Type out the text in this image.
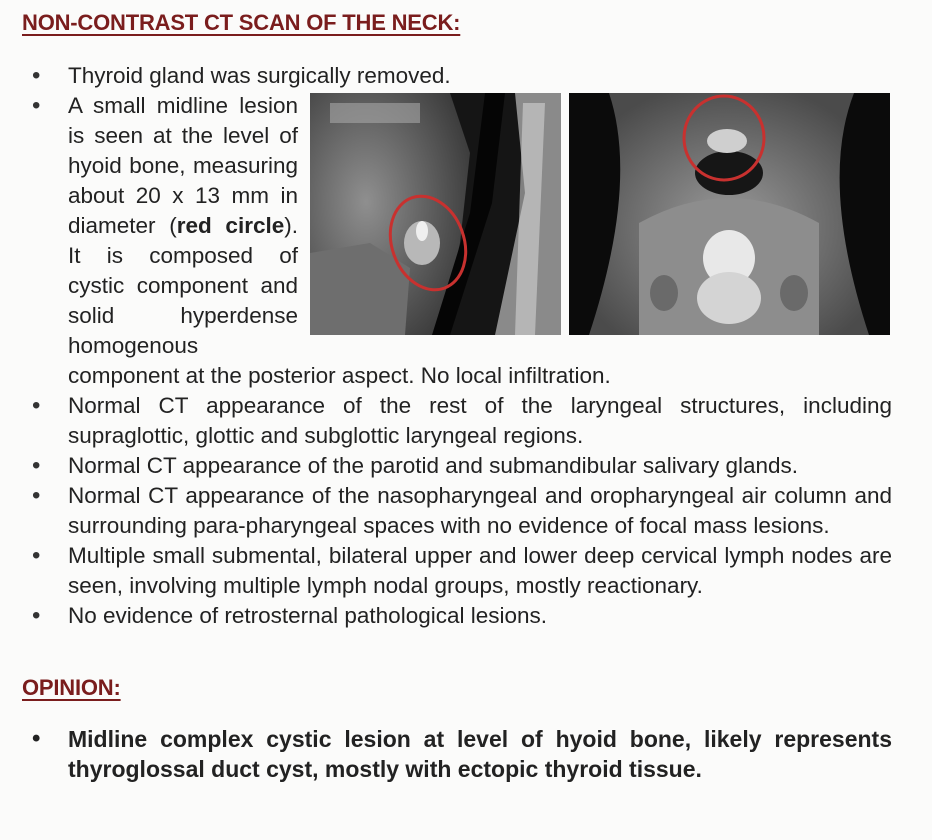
NON-CONTRAST CT SCAN OF THE NECK:
• Thyroid gland was surgically removed.
• A small midline lesion is seen at the level of hyoid bone, measuring about 20 x 13 mm in diameter (red circle). It is composed of cystic component and solid hyperdense homogenous component at the posterior aspect. No local infiltration.
• Normal CT appearance of the rest of the laryngeal structures, including supraglottic, glottic and subglottic laryngeal regions.
• Normal CT appearance of the parotid and submandibular salivary glands.
• Normal CT appearance of the nasopharyngeal and oropharyngeal air column and surrounding para-pharyngeal spaces with no evidence of focal mass lesions.
• Multiple small submental, bilateral upper and lower deep cervical lymph nodes are seen, involving multiple lymph nodal groups, mostly reactionary.
• No evidence of retrosternal pathological lesions.
OPINION:
• Midline complex cystic lesion at level of hyoid bone, likely represents thyroglossal duct cyst, mostly with ectopic thyroid tissue.
